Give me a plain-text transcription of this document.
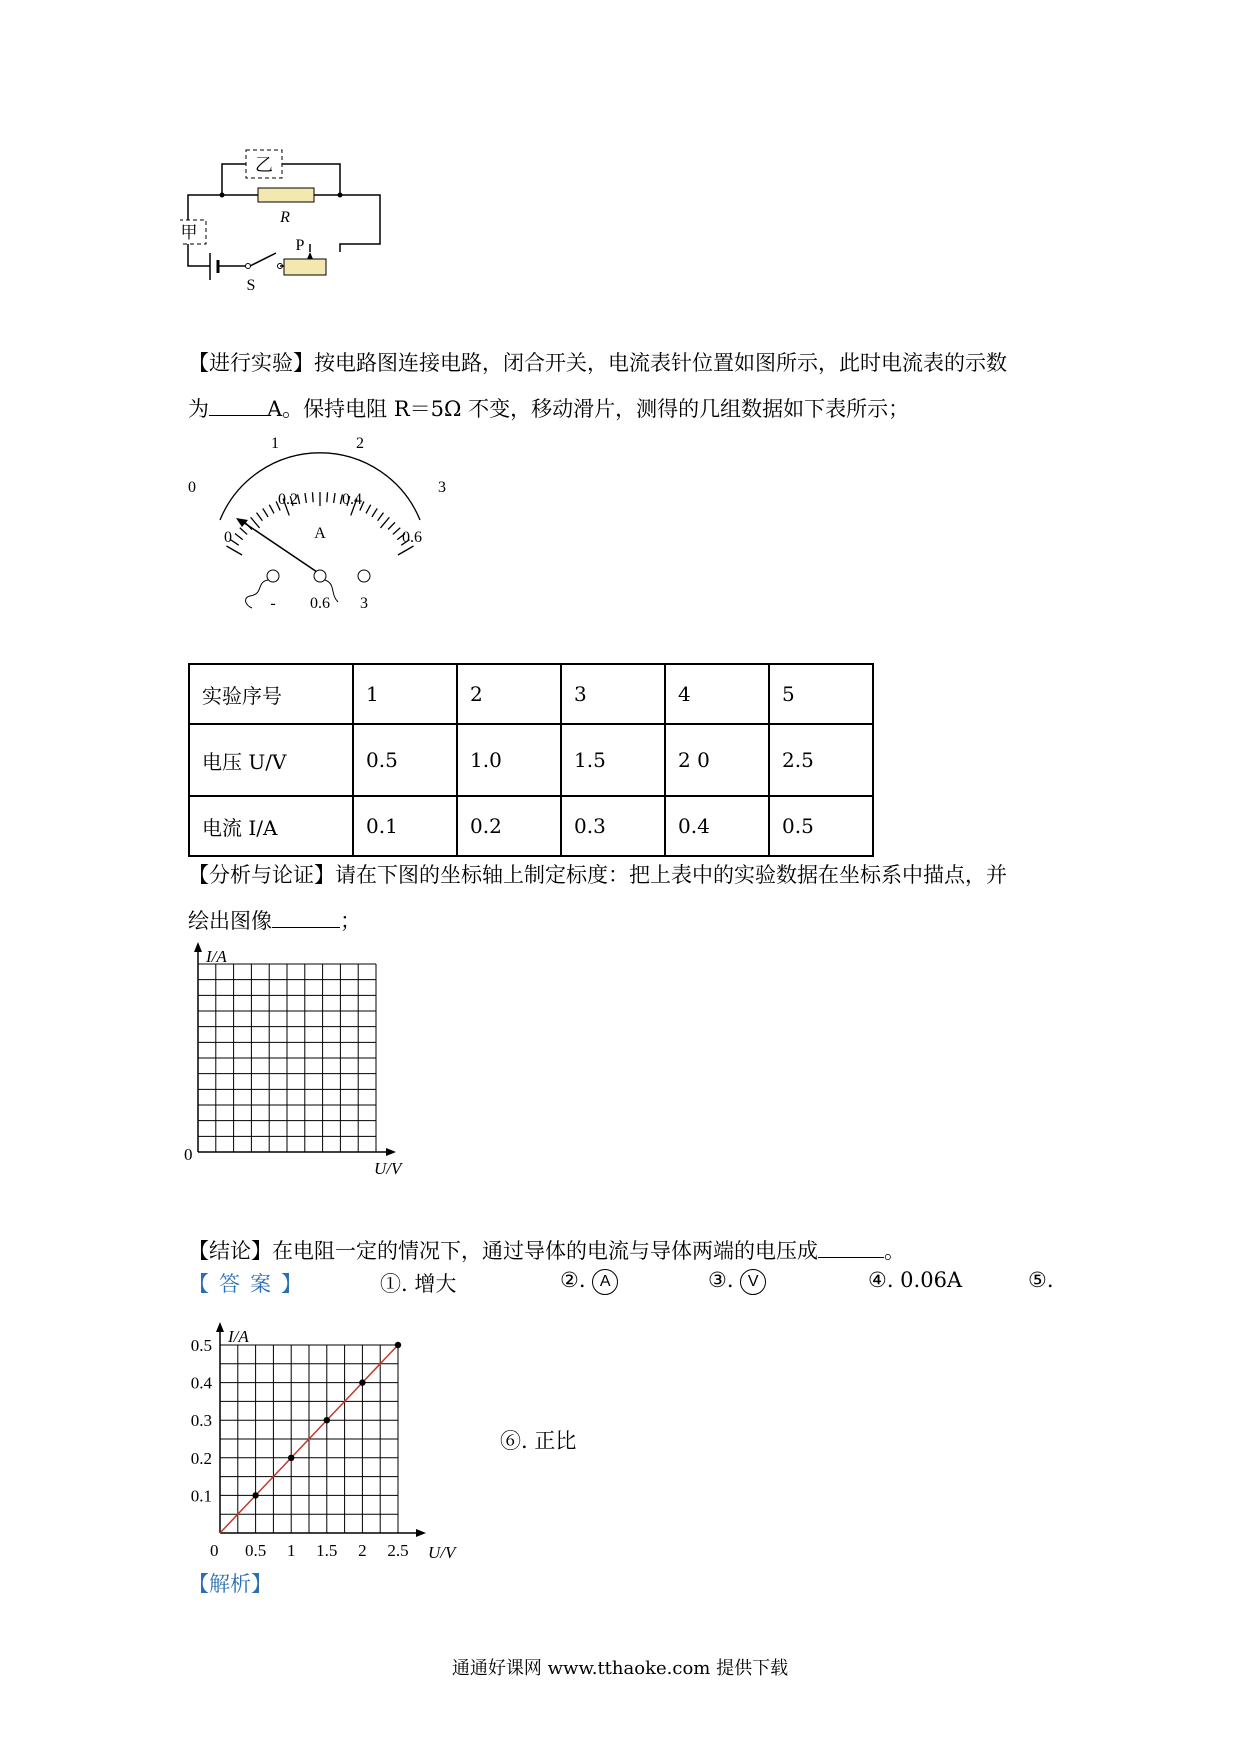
乙
R
甲
P
S
【进行实验】按电路图连接电路，闭合开关，电流表针位置如图所示，此时电流表的示数
为	A。保持电阻 R＝5Ω 不变，移动滑片，测得的几组数据如下表所示；
0
1	2
3
0
0.2	0.4
0.6
A
- 0.6 3
实验序号	1	2	3	4	5
电压 U/V	0.5	1.0	1.5	2 0	2.5
电流 I/A	0.1	0.2	0.3	0.4	0.5
【分析与论证】请在下图的坐标轴上制定标度：把上表中的实验数据在坐标系中描点，并
绘出图像	；
I/A
U/V
0
【结论】在电阻一定的情况下，通过导体的电流与导体两端的电压成	。
【答案】	①. 增大	②. A	③. V	④. 0.06A	⑤.
0.5 1 1.5 2 2.5
0.1
0.2
0.3
0.4
0.5 I/A
U/V
0
⑥. 正比
【解析】
通通好课网 www.tthaoke.com 提供下载
